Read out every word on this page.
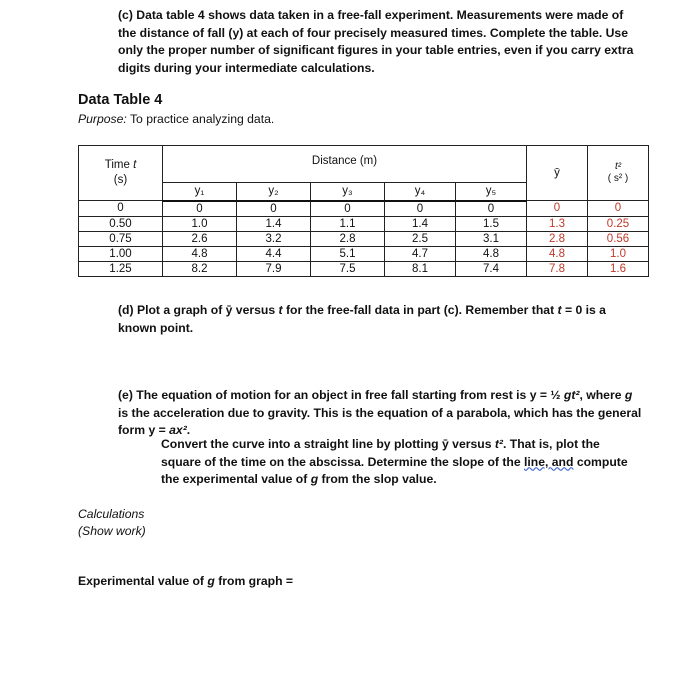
(c) Data table 4 shows data taken in a free-fall experiment. Measurements were made of the distance of fall (y) at each of four precisely measured times. Complete the table. Use only the proper number of significant figures in your table entries, even if you carry extra digits during your intermediate calculations.
Data Table 4
Purpose: To practice analyzing data.
Time t
(s)	Distance (m)					ȳ	t²
( s² )
	y₁	y₂	y₃	y₄	y₅		
0	0	0	0	0	0	0	0
0.50	1.0	1.4	1.1	1.4	1.5	1.3	0.25
0.75	2.6	3.2	2.8	2.5	3.1	2.8	0.56
1.00	4.8	4.4	5.1	4.7	4.8	4.8	1.0
1.25	8.2	7.9	7.5	8.1	7.4	7.8	1.6
(d) Plot a graph of ȳ versus t for the free-fall data in part (c). Remember that t = 0 is a known point.
(e) The equation of motion for an object in free fall starting from rest is y = ½ gt², where g is the acceleration due to gravity. This is the equation of a parabola, which has the general form y = ax².
Convert the curve into a straight line by plotting ȳ versus t². That is, plot the square of the time on the abscissa. Determine the slope of the line, and compute the experimental value of g from the slop value.
Calculations
(Show work)
Experimental value of g from graph =
